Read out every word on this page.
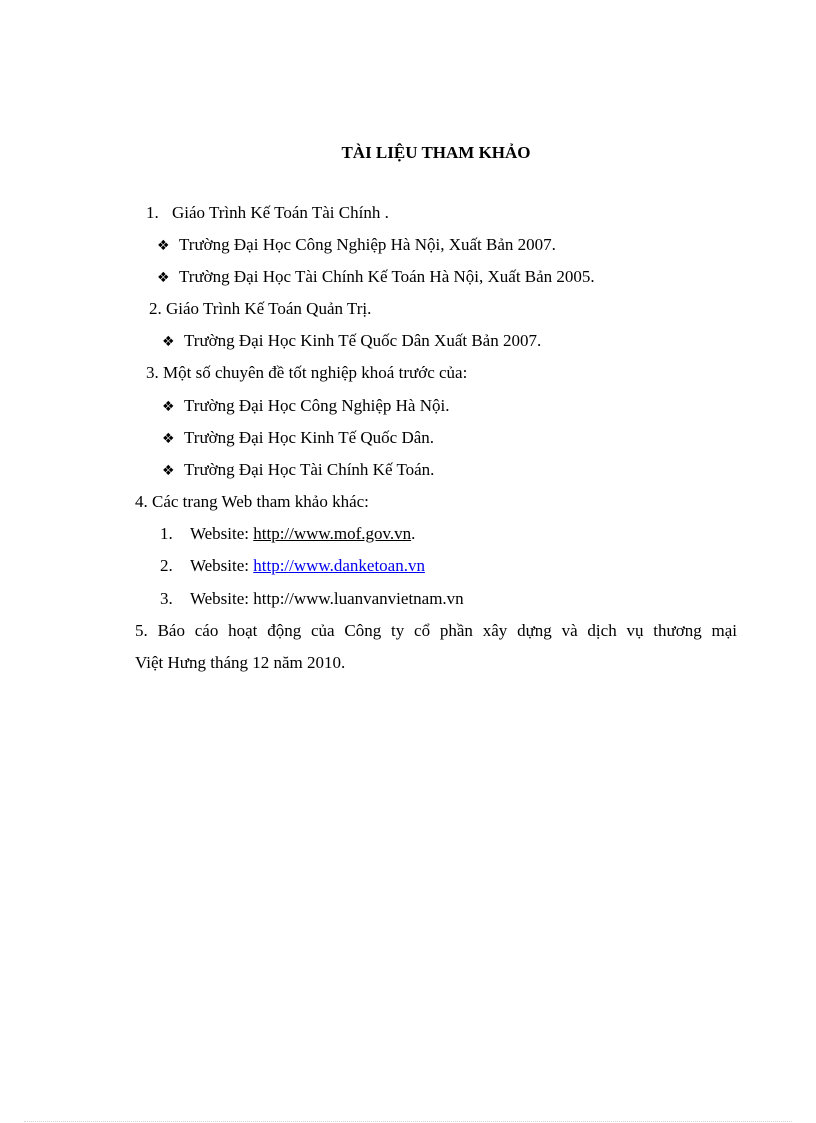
TÀI LIỆU THAM KHẢO
1. Giáo Trình Kế Toán Tài Chính .
❖ Trường Đại Học Công Nghiệp Hà Nội, Xuất Bản 2007.
❖ Trường Đại Học Tài Chính Kế Toán Hà Nội, Xuất Bản 2005.
2. Giáo Trình Kế Toán Quản Trị.
❖ Trường Đại Học Kinh Tế Quốc Dân Xuất Bản 2007.
3. Một số chuyên đề tốt nghiệp khoá trước của:
❖ Trường Đại Học Công Nghiệp Hà Nội.
❖ Trường Đại Học Kinh Tế Quốc Dân.
❖ Trường Đại Học Tài Chính Kế Toán.
4. Các trang Web tham khảo khác:
1. Website: http://www.mof.gov.vn.
2. Website: http://www.danketoan.vn
3. Website: http://www.luanvanvietnam.vn
5. Báo cáo hoạt động của Công ty cổ phần xây dựng và dịch vụ thương mại
Việt Hưng tháng 12 năm 2010.
